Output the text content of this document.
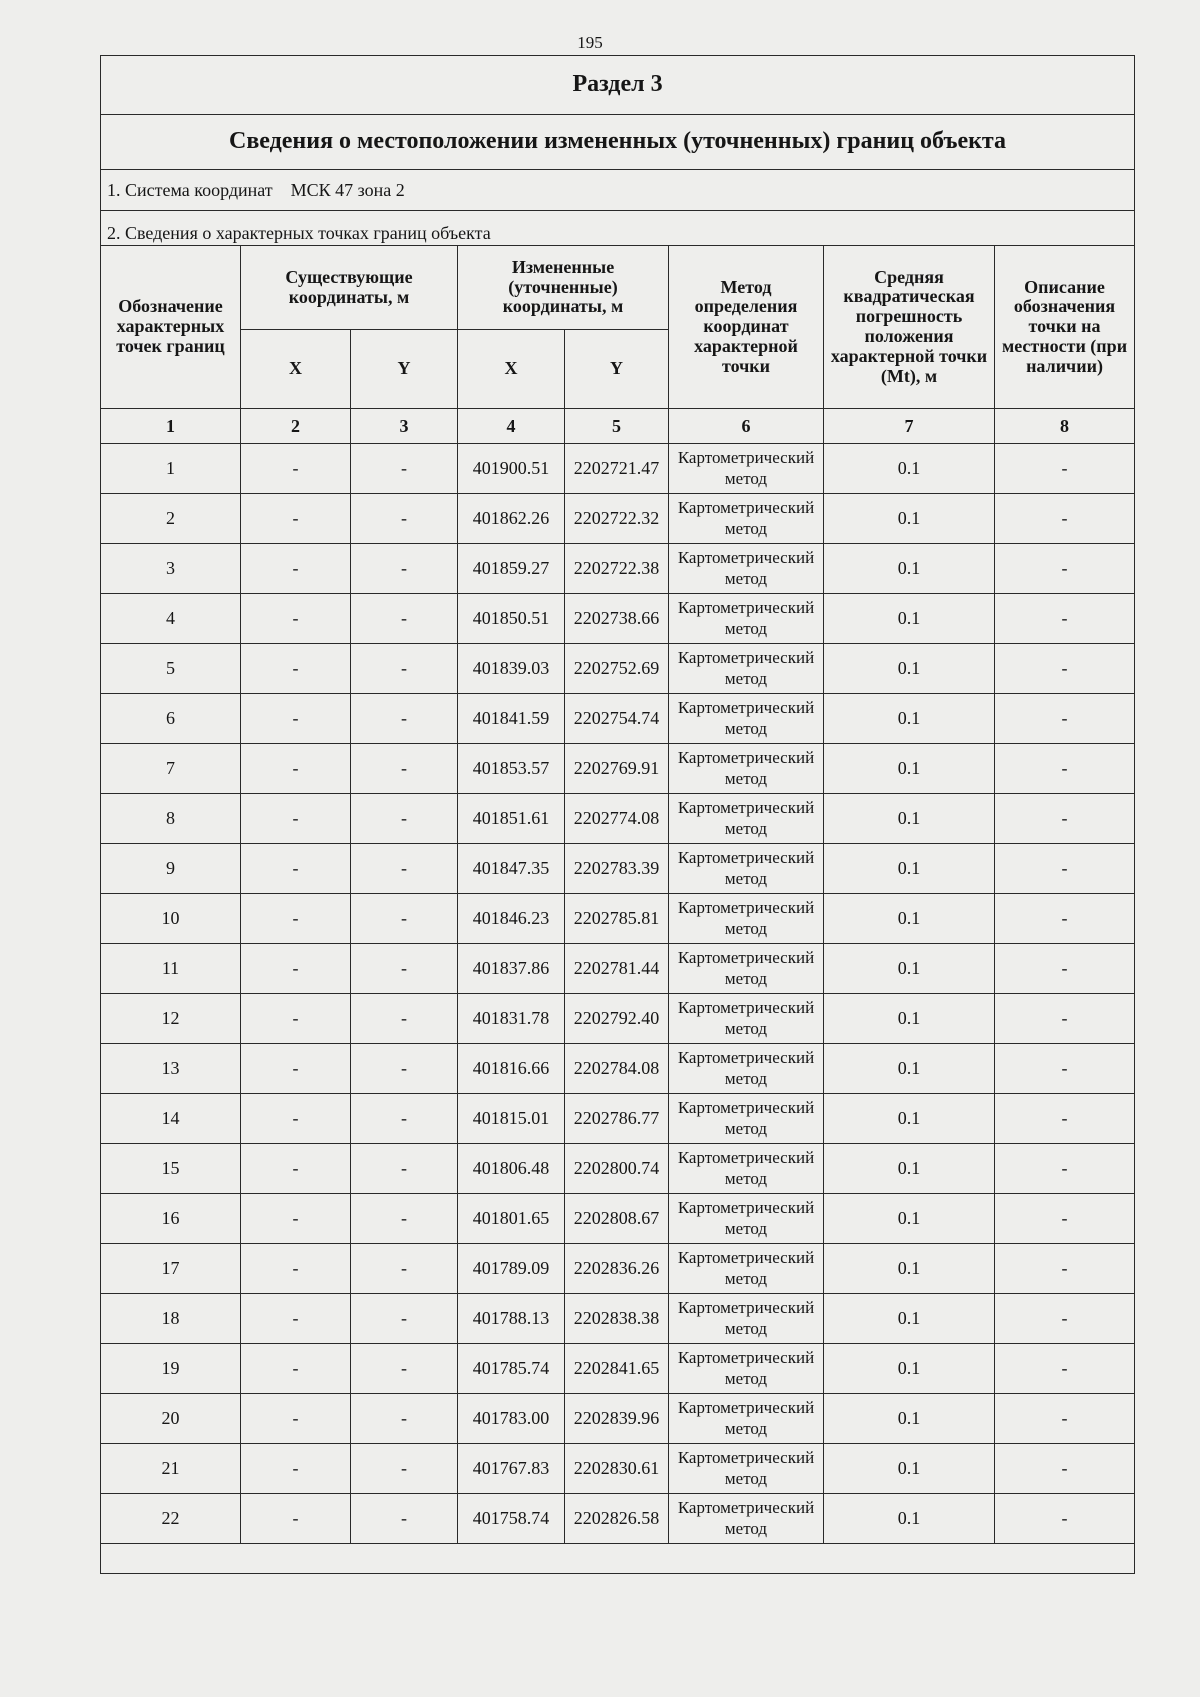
195
Раздел 3							
Сведения о местоположении измененных (уточненных) границ объекта							
1. Система координат МСК 47 зона 2							
2. Сведения о характерных точках границ объекта							
Обозначение характерных точек границ	Существующие координаты, м		Измененные (уточненные) координаты, м		Метод определения координат характерной точки	Средняя квадратическая погрешность положения характерной точки (Mt), м	Описание обозначения точки на местности (при наличии)
	X	Y	X	Y			
1	2	3	4	5	6	7	8
1	-	-	401900.51	2202721.47	Картометрический метод	0.1	-
2	-	-	401862.26	2202722.32	Картометрический метод	0.1	-
3	-	-	401859.27	2202722.38	Картометрический метод	0.1	-
4	-	-	401850.51	2202738.66	Картометрический метод	0.1	-
5	-	-	401839.03	2202752.69	Картометрический метод	0.1	-
6	-	-	401841.59	2202754.74	Картометрический метод	0.1	-
7	-	-	401853.57	2202769.91	Картометрический метод	0.1	-
8	-	-	401851.61	2202774.08	Картометрический метод	0.1	-
9	-	-	401847.35	2202783.39	Картометрический метод	0.1	-
10	-	-	401846.23	2202785.81	Картометрический метод	0.1	-
11	-	-	401837.86	2202781.44	Картометрический метод	0.1	-
12	-	-	401831.78	2202792.40	Картометрический метод	0.1	-
13	-	-	401816.66	2202784.08	Картометрический метод	0.1	-
14	-	-	401815.01	2202786.77	Картометрический метод	0.1	-
15	-	-	401806.48	2202800.74	Картометрический метод	0.1	-
16	-	-	401801.65	2202808.67	Картометрический метод	0.1	-
17	-	-	401789.09	2202836.26	Картометрический метод	0.1	-
18	-	-	401788.13	2202838.38	Картометрический метод	0.1	-
19	-	-	401785.74	2202841.65	Картометрический метод	0.1	-
20	-	-	401783.00	2202839.96	Картометрический метод	0.1	-
21	-	-	401767.83	2202830.61	Картометрический метод	0.1	-
22	-	-	401758.74	2202826.58	Картометрический метод	0.1	-
